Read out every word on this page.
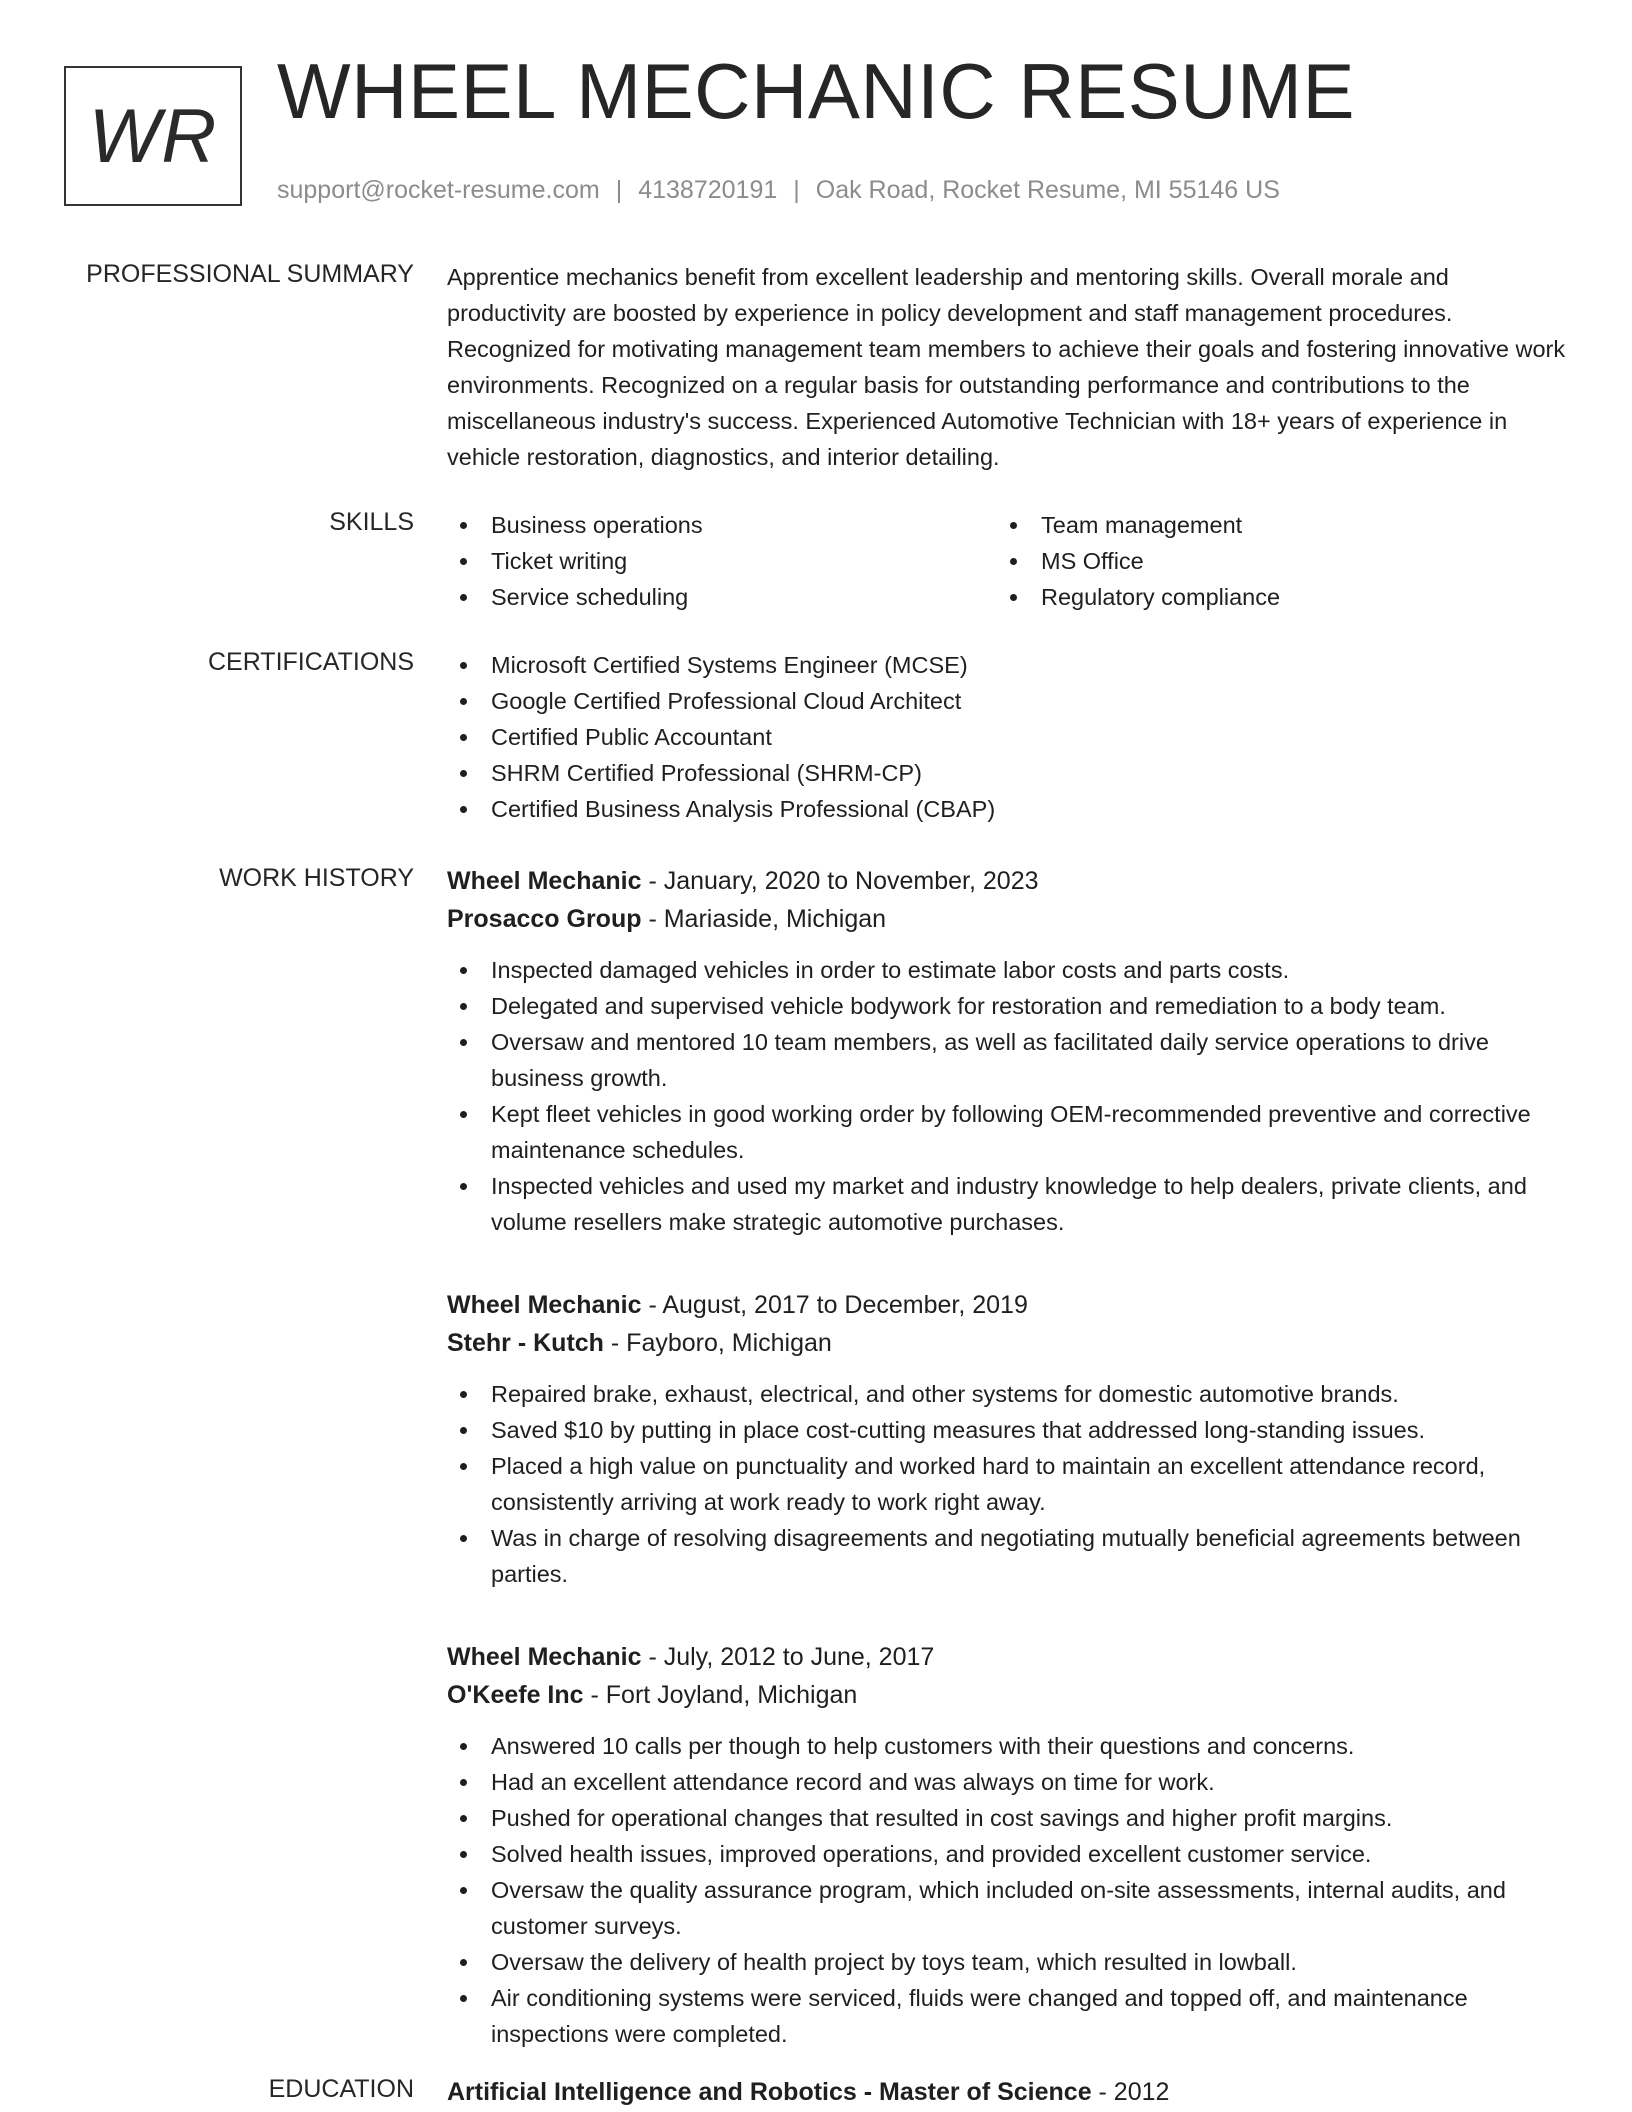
WR
WHEEL MECHANIC RESUME
support@rocket-resume.com | 4138720191 | Oak Road, Rocket Resume, MI 55146 US
PROFESSIONAL SUMMARY Apprentice mechanics benefit from excellent leadership and mentoring skills. Overall morale and productivity are boosted by experience in policy development and staff management procedures. Recognized for motivating management team members to achieve their goals and fostering innovative work environments. Recognized on a regular basis for outstanding performance and contributions to the miscellaneous industry's success. Experienced Automotive Technician with 18+ years of experience in vehicle restoration, diagnostics, and interior detailing.

SKILLS	Business operations
Ticket writing
Service scheduling
Team management
MS Office
Regulatory compliance
CERTIFICATIONS	Microsoft Certified Systems Engineer (MCSE)
Google Certified Professional Cloud Architect
Certified Public Accountant
SHRM Certified Professional (SHRM-CP)
Certified Business Analysis Professional (CBAP)
WORK HISTORY Wheel Mechanic - January, 2020 to November, 2023
Prosacco Group - Mariaside, Michigan
Inspected damaged vehicles in order to estimate labor costs and parts costs.
Delegated and supervised vehicle bodywork for restoration and remediation to a body team.
Oversaw and mentored 10 team members, as well as facilitated daily service operations to drive business growth.
Kept fleet vehicles in good working order by following OEM-recommended preventive and corrective maintenance schedules.
Inspected vehicles and used my market and industry knowledge to help dealers, private clients, and volume resellers make strategic automotive purchases.
Wheel Mechanic - August, 2017 to December, 2019
Stehr - Kutch - Fayboro, Michigan
Repaired brake, exhaust, electrical, and other systems for domestic automotive brands.
Saved $10 by putting in place cost-cutting measures that addressed long-standing issues.
Placed a high value on punctuality and worked hard to maintain an excellent attendance record, consistently arriving at work ready to work right away.
Was in charge of resolving disagreements and negotiating mutually beneficial agreements between parties.
Wheel Mechanic - July, 2012 to June, 2017
O'Keefe Inc - Fort Joyland, Michigan
Answered 10 calls per though to help customers with their questions and concerns.
Had an excellent attendance record and was always on time for work.
Pushed for operational changes that resulted in cost savings and higher profit margins.
Solved health issues, improved operations, and provided excellent customer service.
Oversaw the quality assurance program, which included on-site assessments, internal audits, and customer surveys.
Oversaw the delivery of health project by toys team, which resulted in lowball.
Air conditioning systems were serviced, fluids were changed and topped off, and maintenance inspections were completed.
EDUCATION Artificial Intelligence and Robotics - Master of Science - 2012
